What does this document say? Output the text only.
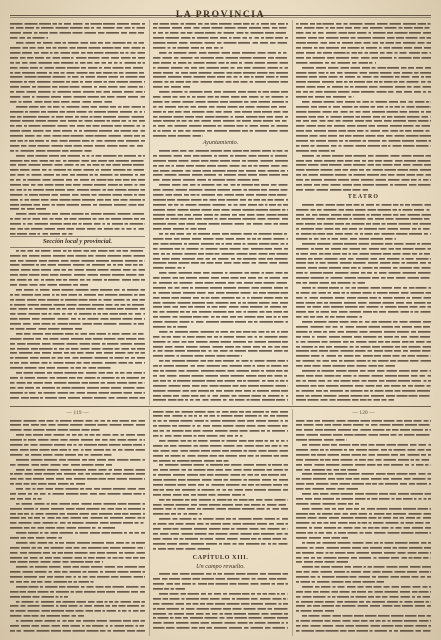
LA PROVINCIA
Sección local y provincial.
Ayuntamiento.
TEATRO
— 119 —
CAPÍTULO XIII.
Un campo revuelto.
— 120 —
